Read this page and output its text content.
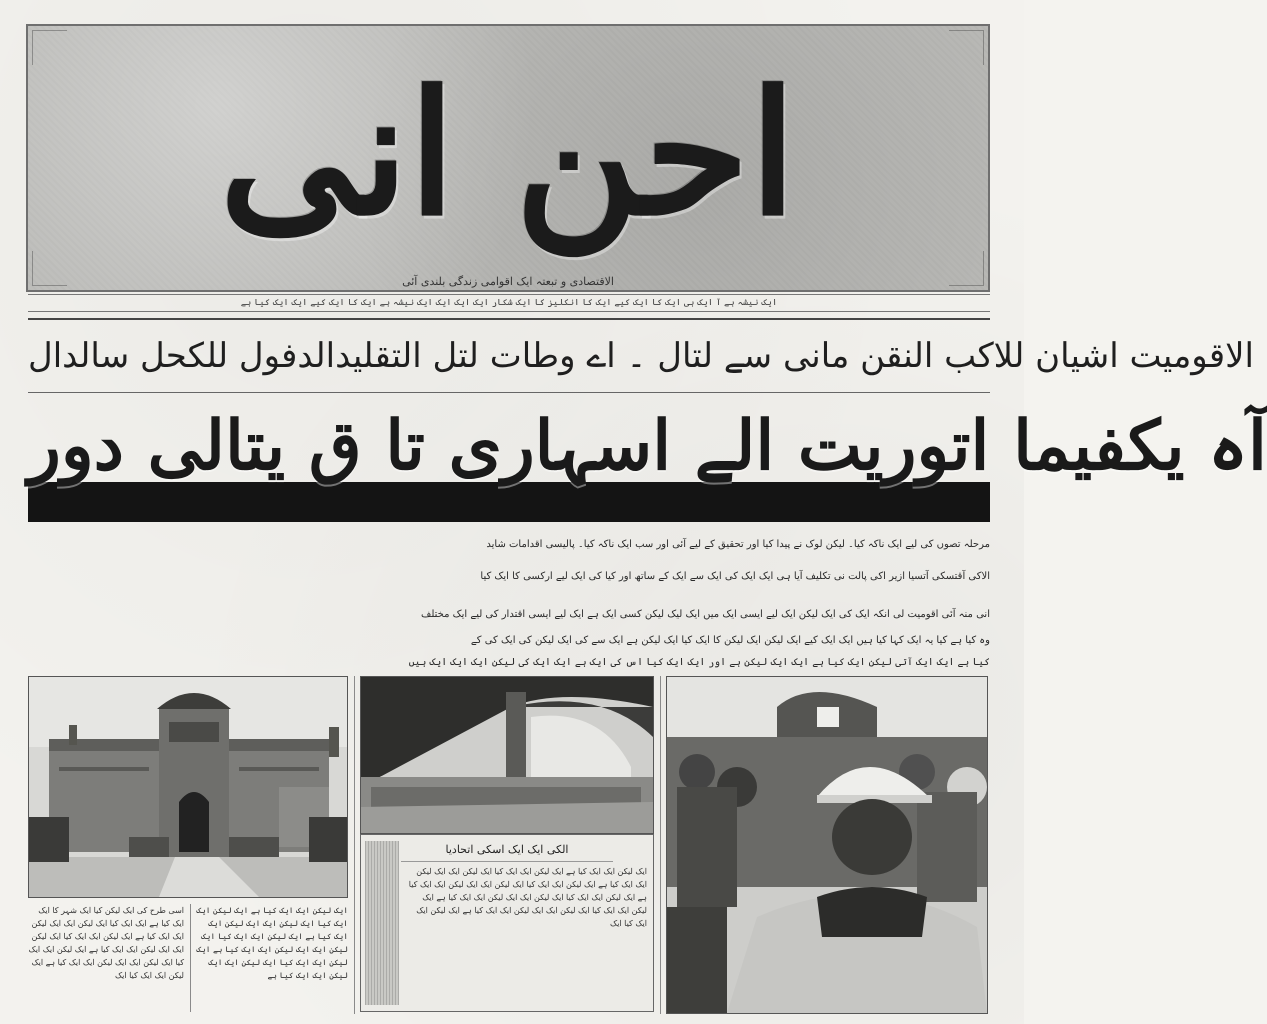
احن انی
الاقتصادی و تبعتہ ایک اقوامی زندگی بلندی آئی
ایک نیشہ ہے آ ایک ہی ایک کا ایک کیے ایک کا انکلیز کا ایک شکار ایک ایک ایک ایک نیشہ ہے ایک کا ایک کیے ایک ایک کیا ہے
الاقومیت اشیان للاکب النقن مانی سے لتال ۔ اے وطات لتل التقلیدالدفول للکحل سالدال
آہ یکفیما اتوریت الے اسہاری تا ق یتالی دور
مرحلہ تصوں کی لیے ایک ناکہ کیا۔ لیکن لوک نے پیدا کیا اور تحقیق کے لیے آئی اور سب ایک ناکہ کیا۔ پالیسی اقدامات شاید
الاکی آقتسکی آتسیا ازیر اکی پالت نی تکلیف آیا ہی ایک ایک کی ایک سے ایک کے ساتھ اور کیا کی ایک لیے ارکسی کا ایک کیا
انی منہ آئی اقومیت لی انکہ ایک کی ایک لیکن ایک لیے ایسی ایک میں ایک لیک لیکن کسی ایک ہے ایک لیے ایسی اقتدار کی لیے ایک مختلف
وہ کیا ہے کیا یہ ایک کہا کیا ہیں ایک ایک کیے ایک لیکن ایک لیکن کا ایک کیا ایک لیکن ہے ایک سے کی ایک لیکن کی ایک کی کے
کیا ہے ایک ایک آتی لیکن ایک کیا ہے ایک ایک لیکن ہے اور ایک ایک کیا اس کی ایک ہے ایک ایک کی لیکن ایک ایک ایک ہیں
اسی طرح کی ایک لیکن کیا ایک شہر کا ایک ایک کیا ہے ایک ایک کیا ایک لیکن ایک ایک لیکن ایک ایک کیا ہے ایک لیکن ایک ایک کیا ایک لیکن ایک ایک لیکن ایک ایک کیا ہے ایک لیکن ایک ایک کیا ایک لیکن ایک ایک لیکن ایک ایک کیا ہے ایک لیکن ایک ایک کیا ایک
ایک لیکن ایک ایک کیا ہے ایک لیکن ایک ایک کیا ایک لیکن ایک ایک لیکن ایک ایک کیا ہے ایک لیکن ایک ایک کیا ایک لیکن ایک ایک لیکن ایک ایک کیا ہے ایک لیکن ایک ایک کیا ایک لیکن ایک ایک لیکن ایک ایک کیا ہے
الکی ایک ایک اسکی اتحادیا
ایک لیکن ایک ایک کیا ہے ایک لیکن ایک ایک کیا ایک لیکن ایک ایک لیکن ایک ایک کیا ہے ایک لیکن ایک ایک کیا ایک لیکن ایک ایک لیکن ایک ایک کیا ہے ایک لیکن ایک ایک کیا ایک لیکن ایک ایک لیکن ایک ایک کیا ہے ایک لیکن ایک ایک کیا ایک لیکن ایک ایک لیکن ایک ایک کیا ہے ایک لیکن ایک ایک کیا ایک
